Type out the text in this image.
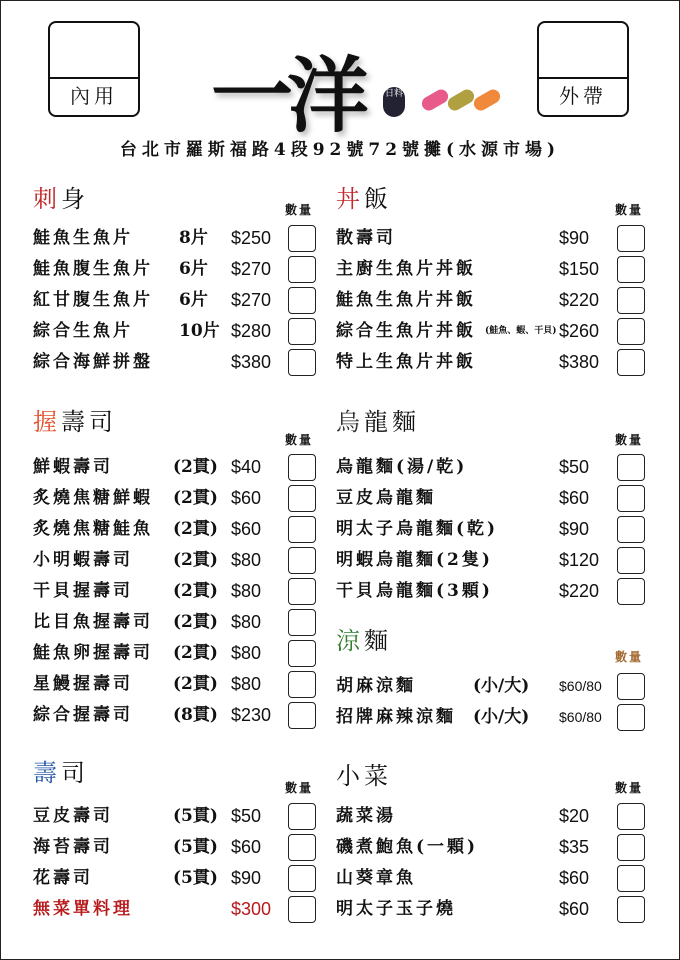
內用	外帶
一洋 日料
台北市羅斯福路4段92號72號攤(水源市場)
刺身	數量
鮭魚生魚片	8片 $250
鮭魚腹生魚片 6片 $270
紅甘腹生魚片 6片 $270
綜合生魚片	10片 $280
綜合海鮮拼盤	$380
握壽司
數量
鮮蝦壽司	(2貫) $40
炙燒焦糖鮮蝦 (2貫) $60
炙燒焦糖鮭魚 (2貫) $60
小明蝦壽司 (2貫) $80
干貝握壽司 (2貫) $80
比目魚握壽司 (2貫) $80
鮭魚卵握壽司 (2貫) $80
星鰻握壽司 (2貫) $80
綜合握壽司 (8貫) $230
壽司
數量
豆皮壽司	(5貫) $50
海苔壽司	(5貫) $60
花壽司	(5貫) $90
無菜單料理	$300
丼飯	數量
散壽司	$90
主廚生魚片丼飯	$150
鮭魚生魚片丼飯	$220
綜合生魚片丼飯 (鮭魚、蝦、干貝) $260
特上生魚片丼飯	$380
烏龍麵
數量
烏龍麵(湯/乾)	$50
豆皮烏龍麵	$60
明太子烏龍麵(乾)	$90
明蝦烏龍麵(2隻)	$120
干貝烏龍麵(3顆)	$220
涼麵
數量
胡麻涼麵	(小/大) $60/80
招牌麻辣涼麵 (小/大) $60/80
小菜	數量
蔬菜湯	$20
磯煮鮑魚(一顆)	$35
山葵章魚	$60
明太子玉子燒	$60
